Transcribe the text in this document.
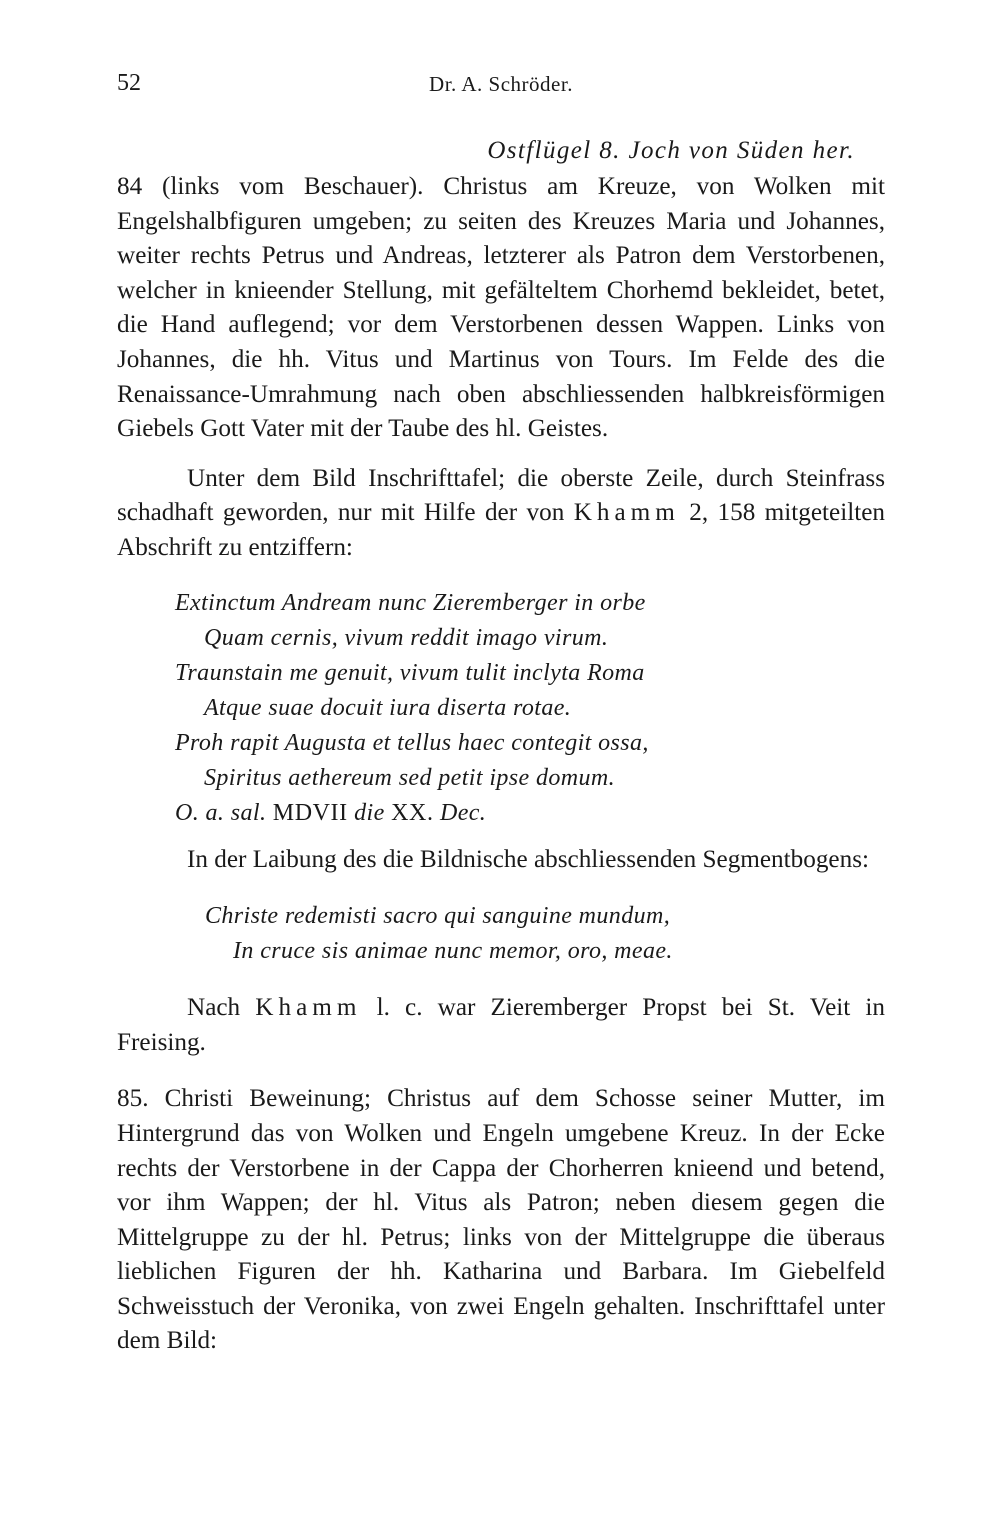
52	Dr. A. Schröder.
Ostflügel 8. Joch von Süden her.

84 (links vom Beschauer). Christus am Kreuze, von Wolken mit Engelshalbfiguren umgeben; zu seiten des Kreuzes Maria und Johannes, weiter rechts Petrus und Andreas, letzterer als Patron dem Verstorbenen, welcher in knieender Stellung, mit gefälteltem Chorhemd bekleidet, betet, die Hand auflegend; vor dem Verstorbenen dessen Wappen. Links von Johannes, die hh. Vitus und Martinus von Tours. Im Felde des die Renaissance-Umrahmung nach oben abschliessenden halbkreisförmigen Giebels Gott Vater mit der Taube des hl. Geistes.

Unter dem Bild Inschrifttafel; die oberste Zeile, durch Steinfrass schadhaft geworden, nur mit Hilfe der von Khamm 2, 158 mitgeteilten Abschrift zu entziffern:

Extinctum Andream nunc Zieremberger in orbe
Quam cernis, vivum reddit imago virum.
Traunstain me genuit, vivum tulit inclyta Roma
Atque suae docuit iura diserta rotae.
Proh rapit Augusta et tellus haec contegit ossa,
Spiritus aethereum sed petit ipse domum.
O. a. sal. MDVII die XX. Dec.

In der Laibung des die Bildnische abschliessenden Segmentbogens:

Christe redemisti sacro qui sanguine mundum,
In cruce sis animae nunc memor, oro, meae.

Nach Khamm l. c. war Zieremberger Propst bei St. Veit in Freising.

85. Christi Beweinung; Christus auf dem Schosse seiner Mutter, im Hintergrund das von Wolken und Engeln umgebene Kreuz. In der Ecke rechts der Verstorbene in der Cappa der Chorherren knieend und betend, vor ihm Wappen; der hl. Vitus als Patron; neben diesem gegen die Mittelgruppe zu der hl. Petrus; links von der Mittelgruppe die überaus lieblichen Figuren der hh. Katharina und Barbara. Im Giebelfeld Schweisstuch der Veronika, von zwei Engeln gehalten. Inschrifttafel unter dem Bild:
